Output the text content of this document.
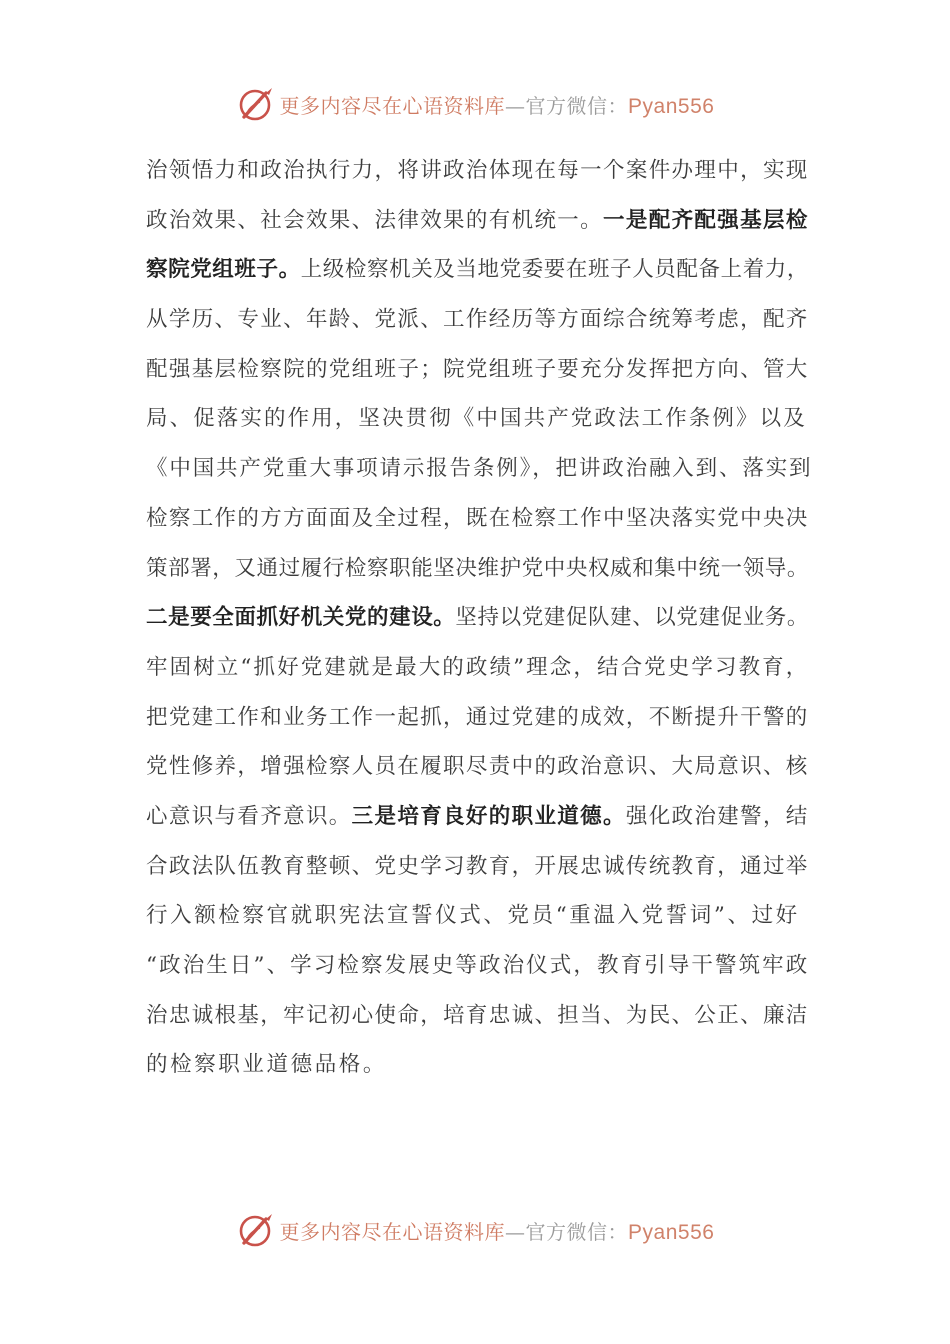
更多内容尽在心语资料库—官方微信：Pyan556
治领悟力和政治执行力，将讲政治体现在每一个案件办理中，实现
政治效果、社会效果、法律效果的有机统一。一是配齐配强基层检
察院党组班子。上级检察机关及当地党委要在班子人员配备上着力，
从学历、专业、年龄、党派、工作经历等方面综合统筹考虑，配齐
配强基层检察院的党组班子；院党组班子要充分发挥把方向、管大
局、促落实的作用，坚决贯彻《中国共产党政法工作条例》以及
《中国共产党重大事项请示报告条例》，把讲政治融入到、落实到
检察工作的方方面面及全过程，既在检察工作中坚决落实党中央决
策部署，又通过履行检察职能坚决维护党中央权威和集中统一领导。
二是要全面抓好机关党的建设。坚持以党建促队建、以党建促业务。
牢固树立“抓好党建就是最大的政绩”理念，结合党史学习教育，
把党建工作和业务工作一起抓，通过党建的成效，不断提升干警的
党性修养，增强检察人员在履职尽责中的政治意识、大局意识、核
心意识与看齐意识。三是培育良好的职业道德。强化政治建警，结
合政法队伍教育整顿、党史学习教育，开展忠诚传统教育，通过举
行入额检察官就职宪法宣誓仪式、党员“重温入党誓词”、过好
“政治生日”、学习检察发展史等政治仪式，教育引导干警筑牢政
治忠诚根基，牢记初心使命，培育忠诚、担当、为民、公正、廉洁
的检察职业道德品格。
更多内容尽在心语资料库—官方微信：Pyan556
